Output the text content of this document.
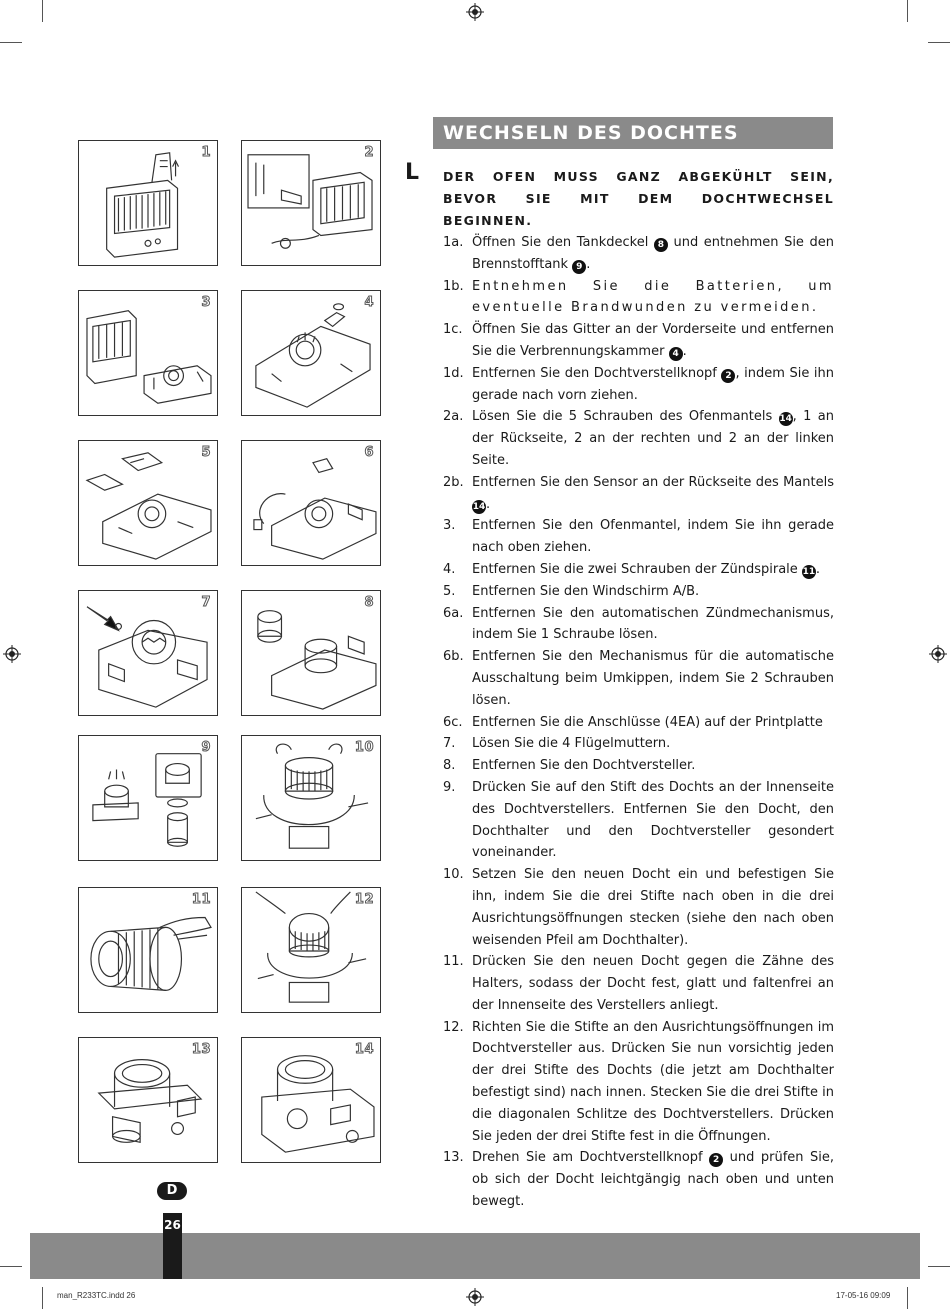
1	2
3	4
5	6
7	8
9	10
11	12
13	14
WECHSELN DES DOCHTES
L DER OFEN MUSS GANZ ABGEKÜHLT SEIN, BEVOR SIE MIT DEM DOCHTWECHSEL BEGINNEN.
1a. Öffnen Sie den Tankdeckel 8 und entnehmen Sie den Brennstofftank 9 .
1b. Entnehmen Sie die Batterien, um eventuelle Brandwunden zu vermeiden.
1c. Öffnen Sie das Gitter an der Vorderseite und entfernen Sie die Verbrennungskammer 4 .
1d. Entfernen Sie den Dochtverstellknopf 2 , indem Sie ihn gerade nach vorn ziehen.
2a. Lösen Sie die 5 Schrauben des Ofenmantels 14, 1 an der Rückseite, 2 an der rechten und 2 an der linken Seite.
2b. Entfernen Sie den Sensor an der Rückseite des Mantels 14.
3.	Entfernen Sie den Ofenmantel, indem Sie ihn gerade nach oben ziehen.
4.	Entfernen Sie die zwei Schrauben der Zündspirale 11.
5.	Entfernen Sie den Windschirm A/B.
6a. Entfernen Sie den automatischen Zündmechanismus, indem Sie 1 Schraube lösen.
6b. Entfernen Sie den Mechanismus für die automatische Ausschaltung beim Umkippen, indem Sie 2 Schrauben lösen.
6c. Entfernen Sie die Anschlüsse (4EA) auf der Printplatte
7.	Lösen Sie die 4 Flügelmuttern.
8.	Entfernen Sie den Dochtversteller.
9.	Drücken Sie auf den Stift des Dochts an der Innenseite des Dochtverstellers. Entfernen Sie den Docht, den Dochthalter und den Dochtversteller gesondert voneinander.
10. Setzen Sie den neuen Docht ein und befestigen Sie ihn, indem Sie die drei Stifte nach oben in die drei Ausrichtungsöffnungen stecken (siehe den nach oben weisenden Pfeil am Dochthalter).
11. Drücken Sie den neuen Docht gegen die Zähne des Halters, sodass der Docht fest, glatt und faltenfrei an der Innenseite des Verstellers anliegt.
12. Richten Sie die Stifte an den Ausrichtungsöffnungen im Dochtversteller aus. Drücken Sie nun vorsichtig jeden der drei Stifte des Dochts (die jetzt am Dochthalter befestigt sind) nach innen. Stecken Sie die drei Stifte in die diagonalen Schlitze des Dochtverstellers. Drücken Sie jeden der drei Stifte fest in die Öffnungen.
13. Drehen Sie am Dochtverstellknopf 2 und prüfen Sie, ob sich der Docht leichtgängig nach oben und unten bewegt.
D
26
man_R233TC.indd 26	17-05-16 09:09
